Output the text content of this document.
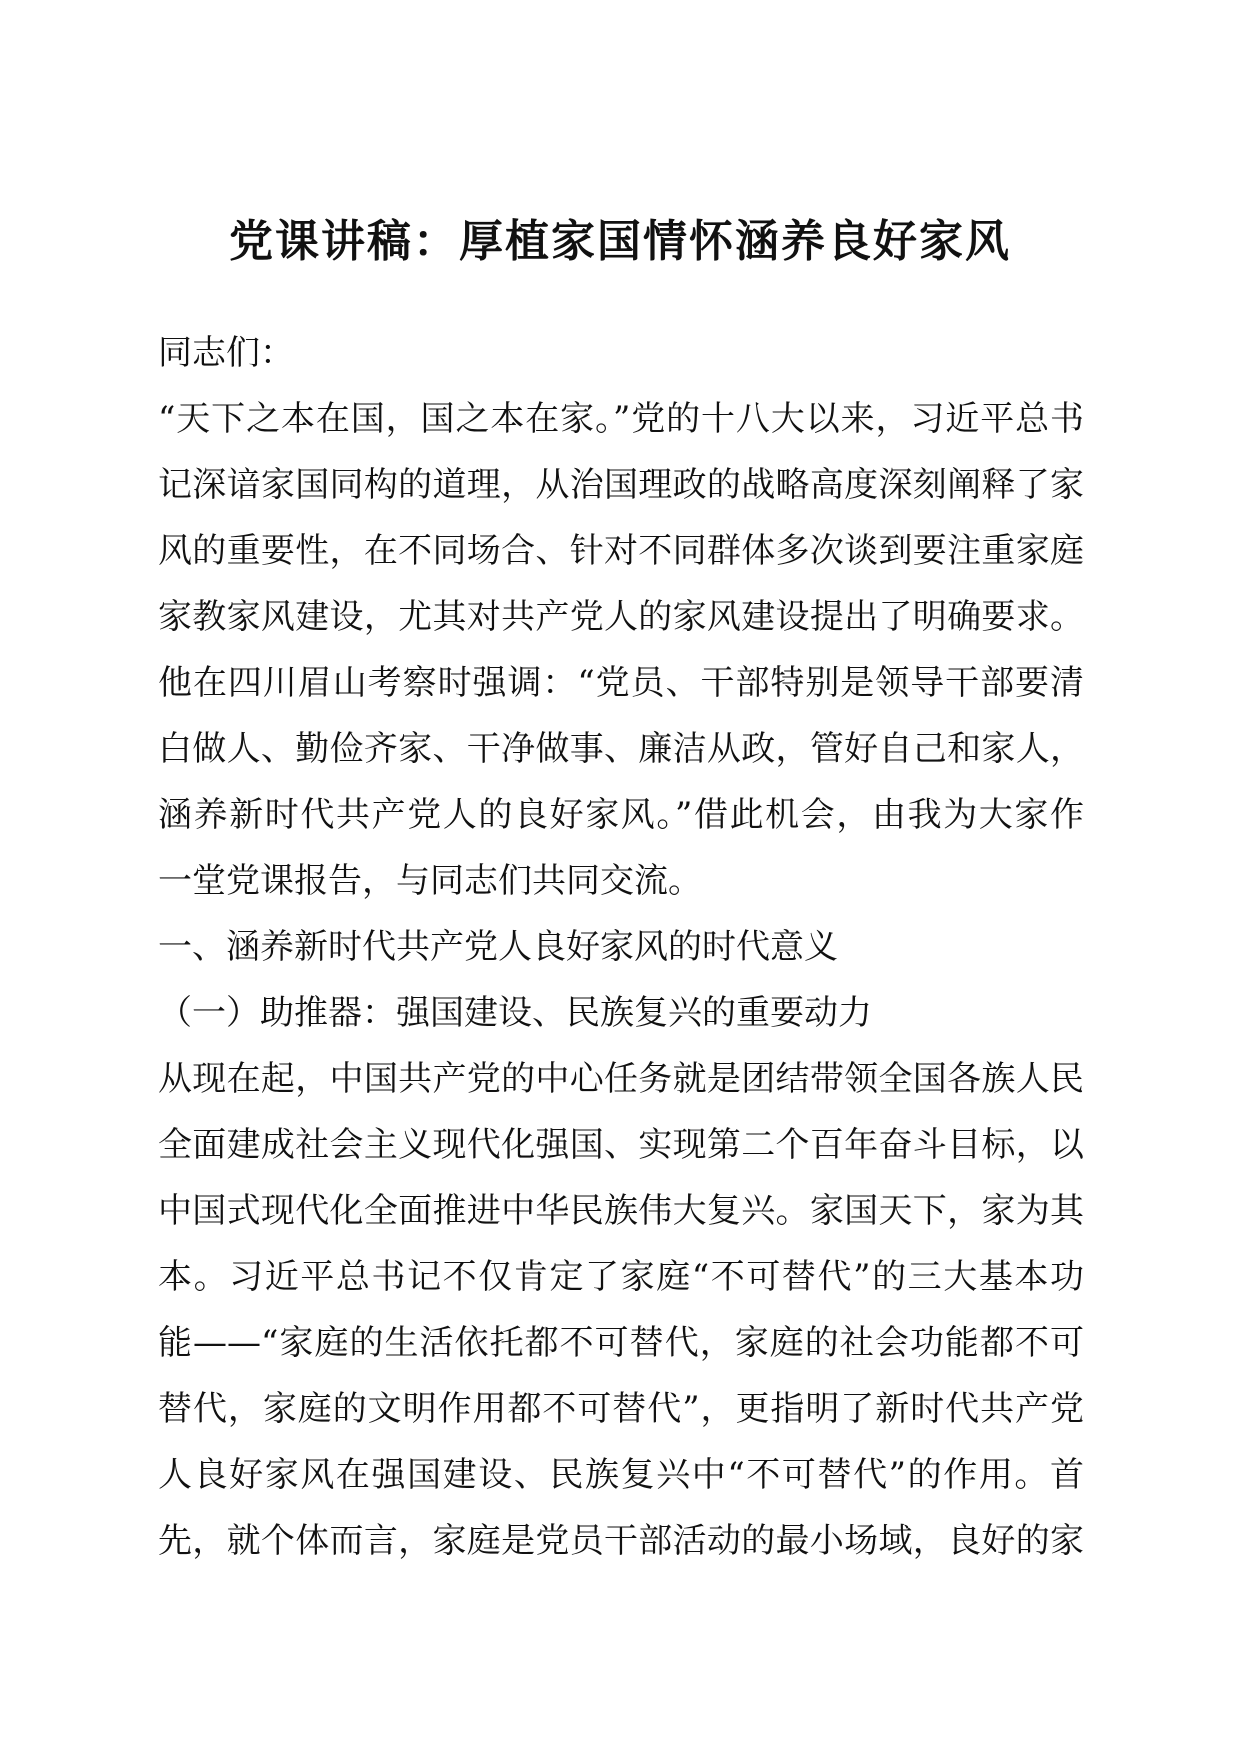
党课讲稿：厚植家国情怀涵养良好家风
同志们：
“天下之本在国，国之本在家。”党的十八大以来，习近平总书
记深谙家国同构的道理，从治国理政的战略高度深刻阐释了家
风的重要性，在不同场合、针对不同群体多次谈到要注重家庭
家教家风建设，尤其对共产党人的家风建设提出了明确要求。
他在四川眉山考察时强调：“党员、干部特别是领导干部要清
白做人、勤俭齐家、干净做事、廉洁从政，管好自己和家人，
涵养新时代共产党人的良好家风。”借此机会，由我为大家作
一堂党课报告，与同志们共同交流。
一、涵养新时代共产党人良好家风的时代意义
（一）助推器：强国建设、民族复兴的重要动力
从现在起，中国共产党的中心任务就是团结带领全国各族人民
全面建成社会主义现代化强国、实现第二个百年奋斗目标，以
中国式现代化全面推进中华民族伟大复兴。家国天下，家为其
本。习近平总书记不仅肯定了家庭“不可替代”的三大基本功
能——“家庭的生活依托都不可替代，家庭的社会功能都不可
替代，家庭的文明作用都不可替代”，更指明了新时代共产党
人良好家风在强国建设、民族复兴中“不可替代”的作用。首
先，就个体而言，家庭是党员干部活动的最小场域，良好的家
